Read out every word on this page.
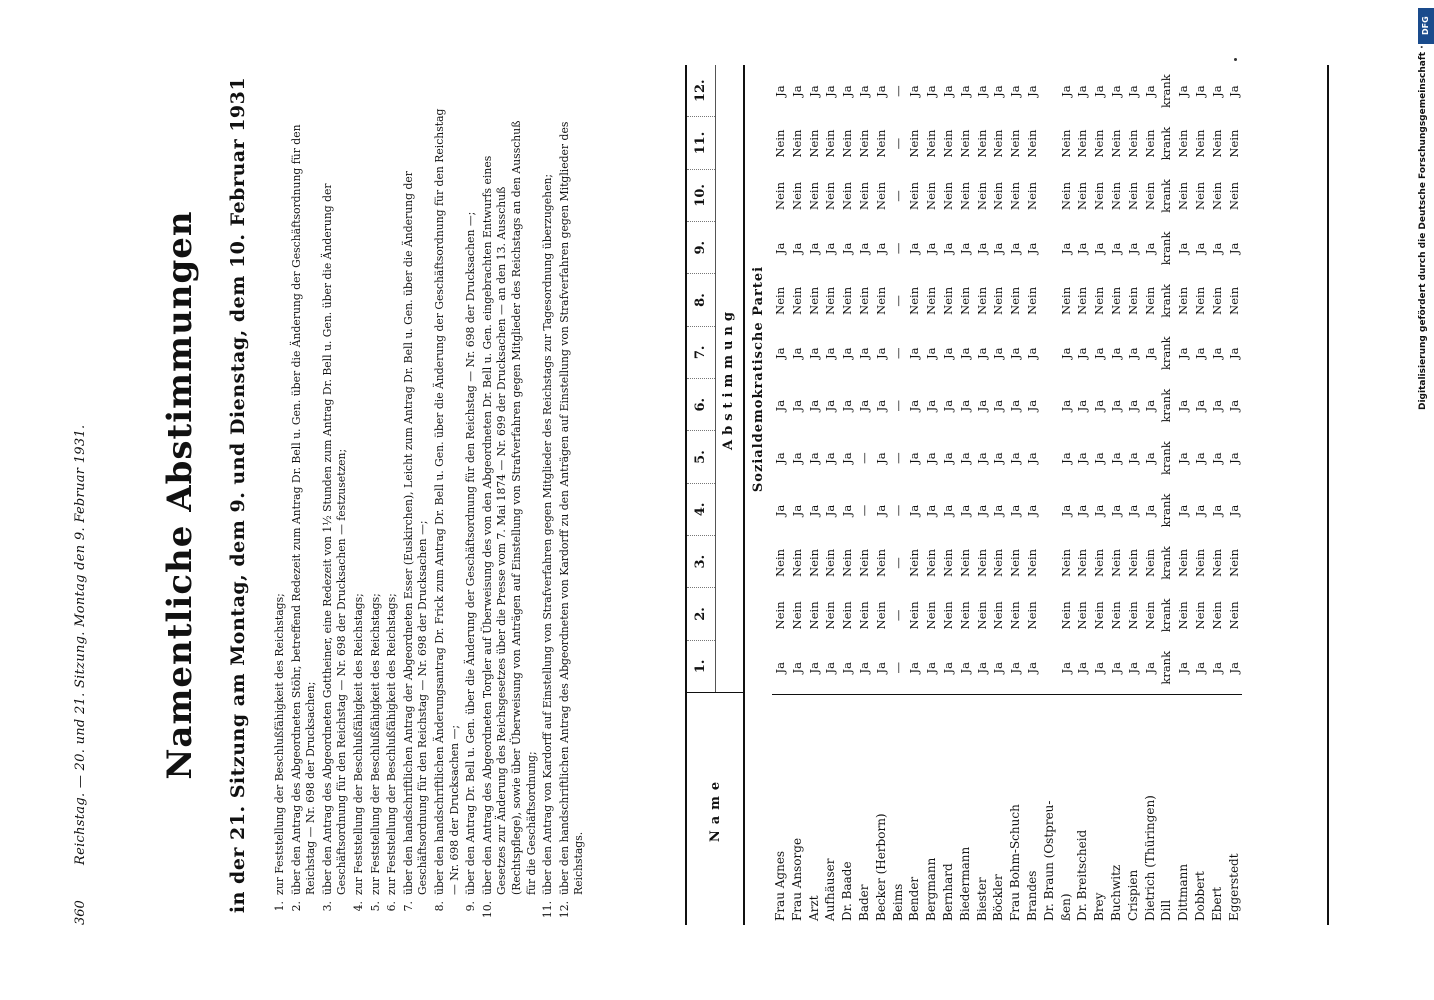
360
Reichstag. — 20. und 21. Sitzung. Montag den 9. Februar 1931. Namentliche Abstimmungen in der 21. Sitzung am Montag, dem 9. und Dienstag, dem 10. Februar 1931 1.
zur Feststellung der Beschlußfähigkeit des Reichstags;
2.
über den Antrag des Abgeordneten Stöhr, betreffend Redezeit zum Antrag Dr. Bell u. Gen. über die Änderung der Geschäftsordnung für den Reichstag — Nr. 698 der Drucksachen;
3.
über den Antrag des Abgeordneten Gottheiner, eine Redezeit von 1½ Stunden zum Antrag Dr. Bell u. Gen. über die Änderung der Geschäftsordnung für den Reichstag — Nr. 698 der Drucksachen — festzusetzen;
4.
zur Feststellung der Beschlußfähigkeit des Reichstags;
5.
zur Feststellung der Beschlußfähigkeit des Reichstags;
6.
zur Feststellung der Beschlußfähigkeit des Reichstags;
7.
über den handschriftlichen Antrag der Abgeordneten Esser (Euskirchen), Leicht zum Antrag Dr. Bell u. Gen. über die Änderung der Geschäftsordnung für den Reichstag — Nr. 698 der Drucksachen —;
8.
über den handschriftlichen Änderungsantrag Dr. Frick zum Antrag Dr. Bell u. Gen. über die Änderung der Geschäftsordnung für den Reichstag — Nr. 698 der Drucksachen —;
9.
über den Antrag Dr. Bell u. Gen. über die Änderung der Geschäftsordnung für den Reichstag — Nr. 698 der Drucksachen —;
10.
über den Antrag des Abgeordneten Torgler auf Überweisung des von den Abgeordneten Dr. Bell u. Gen. eingebrachten Entwurfs eines Gesetzes zur Änderung des Reichsgesetzes über die Presse vom 7. Mai 1874 — Nr. 699 der Drucksachen — an den 13. Ausschuß (Rechtspflege), sowie über Überweisung von Anträgen auf Einstellung von Strafverfahren gegen Mitglieder des Reichstags an den Ausschuß für die Geschäftsordnung;
11.
über den Antrag von Kardorff auf Einstellung von Strafverfahren gegen Mitglieder des Reichstags zur Tagesordnung überzugehen;
12.
über den handschriftlichen Antrag des Abgeordneten von Kardorff zu den Anträgen auf Einstellung von Strafverfahren gegen Mitglieder des Reichstags.
Name
1.
2.
3.
4.
5.
6.
7.
8.
9.
10.
11.
12.
Abstimmung	Sozialdemokratische Partei
Frau Agnes
Ja
Nein
Nein
Ja
Ja
Ja
Ja
Nein
Ja
Nein
Nein
Ja
Frau Ansorge
Ja
Nein
Nein
Ja
Ja
Ja
Ja
Nein
Ja
Nein
Nein
Ja
Arzt
Ja
Nein
Nein
Ja
Ja
Ja
Ja
Nein
Ja
Nein
Nein
Ja
Aufhäuser
Ja
Nein
Nein
Ja
Ja
Ja
Ja
Nein
Ja
Nein
Nein
Ja
Dr. Baade
Ja
Nein
Nein
Ja
Ja
Ja
Ja
Nein
Ja
Nein
Nein
Ja
Bader
Ja
Nein
Nein
—
—
Ja
Ja
Nein
Ja
Nein
Nein
Ja
Becker (Herborn)
Ja
Nein
Nein
Ja
Ja
Ja
Ja
Nein
Ja
Nein
Nein
Ja
Beims
—
—
—
—
—
—
—
—
—
—
—
—
Bender
Ja
Nein
Nein
Ja
Ja
Ja
Ja
Nein
Ja
Nein
Nein
Ja
Bergmann
Ja
Nein
Nein
Ja
Ja
Ja
Ja
Nein
Ja
Nein
Nein
Ja
Bernhard
Ja
Nein
Nein
Ja
Ja
Ja
Ja
Nein
Ja
Nein
Nein
Ja
Biedermann
Ja
Nein
Nein
Ja
Ja
Ja
Ja
Nein
Ja
Nein
Nein
Ja
Biester
Ja
Nein
Nein
Ja
Ja
Ja
Ja
Nein
Ja
Nein
Nein
Ja
Böckler
Ja
Nein
Nein
Ja
Ja
Ja
Ja
Nein
Ja
Nein
Nein
Ja
Frau Bohm-Schuch
Ja
Nein
Nein
Ja
Ja
Ja
Ja
Nein
Ja
Nein
Nein
Ja
Brandes
Ja
Nein
Nein
Ja
Ja
Ja
Ja
Nein
Ja
Nein
Nein
Ja
Dr. Braun (Ostpreu- ßen)
Ja
Nein
Nein
Ja
Ja
Ja
Ja
Nein
Ja
Nein
Nein
Ja
Dr. Breitscheid
Ja
Nein
Nein
Ja
Ja
Ja
Ja
Nein
Ja
Nein
Nein
Ja
Brey
Ja
Nein
Nein
Ja
Ja
Ja
Ja
Nein
Ja
Nein
Nein
Ja
Buchwitz
Ja
Nein
Nein
Ja
Ja
Ja
Ja
Nein
Ja
Nein
Nein
Ja
Crispien
Ja
Nein
Nein
Ja
Ja
Ja
Ja
Nein
Ja
Nein
Nein
Ja
Dietrich (Thüringen)
Ja
Nein
Nein
Ja
Ja
Ja
Ja
Nein
Ja
Nein
Nein
Ja
Dill
krank
krank
krank
krank
krank
krank
krank
krank
krank
krank
krank
krank
Dittmann
Ja
Nein
Nein
Ja
Ja
Ja
Ja
Nein
Ja
Nein
Nein
Ja
Dobbert
Ja
Nein
Nein
Ja
Ja
Ja
Ja
Nein
Ja
Nein
Nein
Ja
Ebert
Ja
Nein
Nein
Ja
Ja
Ja
Ja
Nein
Ja
Nein
Nein
Ja
Eggerstedt
Ja
Nein
Nein
Ja
Ja
Ja
Ja
Nein
Ja
Nein
Nein
Ja
DFG
Digitalisierung gefördert durch die Deutsche Forschungsgemeinschaft ·
